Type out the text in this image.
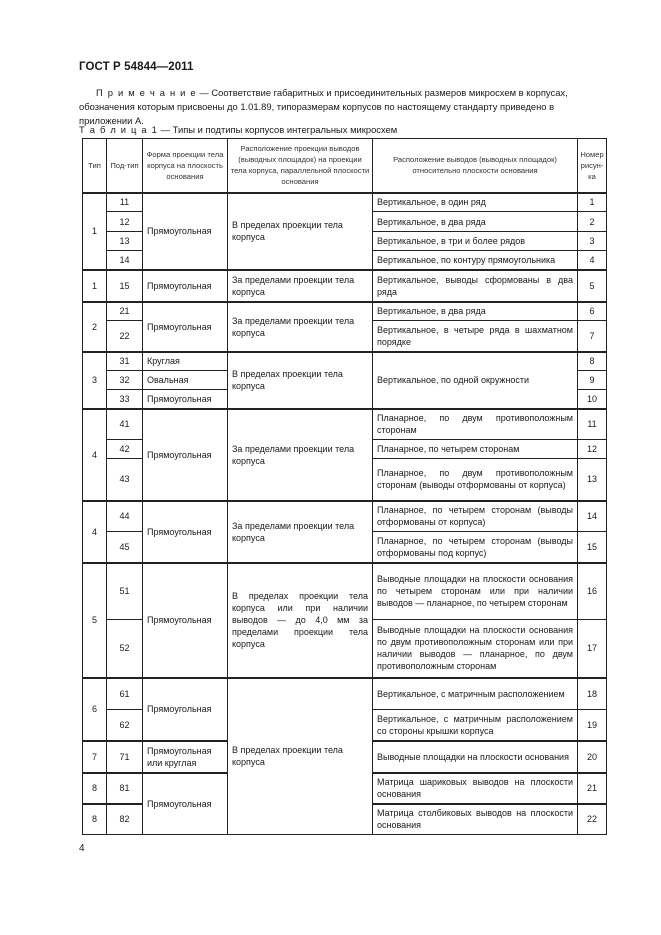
ГОСТ Р 54844—2011
П р и м е ч а н и е — Соответствие габаритных и присоединительных размеров микросхем в корпусах, обозначения которым присвоены до 1.01.89, типоразмерам корпусов по настоящему стандарту приведено в приложении А.
Т а б л и ц а 1 — Типы и подтипы корпусов интегральных микросхем
Тип	Под-тип	Форма проекции тела корпуса на плоскость основания	Расположение проекции выводов (выводных площадок) на проекции тела корпуса, параллельной плоскости основания	Расположение выводов (выводных площадок) относительно плоскости основания	Номер рисун-ка
1	11	Прямоугольная	В пределах проекции тела корпуса	Вертикальное, в один ряд	1
	12			Вертикальное, в два ряда	2
	13			Вертикальное, в три и более рядов	3
	14			Вертикальное, по контуру прямоугольника	4
1	15	Прямоугольная	За пределами проекции тела корпуса	Вертикальное, выводы сформованы в два ряда	5
2	21	Прямоугольная	За пределами проекции тела корпуса	Вертикальное, в два ряда	6
	22			Вертикальное, в четыре ряда в шахматном порядке	7
3	31	Круглая	В пределах проекции тела корпуса	Вертикальное, по одной окружности	8
	32	Овальная			9
	33	Прямоугольная			10
4	41	Прямоугольная	За пределами проекции тела корпуса	Планарное, по двум противоположным сторонам	11
	42			Планарное, по четырем сторонам	12
	43			Планарное, по двум противоположным сторонам (выводы отформованы от корпуса)	13
4	44	Прямоугольная	За пределами проекции тела корпуса	Планарное, по четырем сторонам (выводы отформованы от корпуса)	14
	45			Планарное, по четырем сторонам (выводы отформованы под корпус)	15
5	51	Прямоугольная	В пределах проекции тела корпуса или при наличии выводов — до 4,0 мм за пределами проекции тела корпуса	Выводные площадки на плоскости основания по четырем сторонам или при наличии выводов — планарное, по четырем сторонам	16
	52			Выводные площадки на плоскости основания по двум противоположным сторонам или при наличии выводов — планарное, по двум противоположным сторонам	17
6	61	Прямоугольная	В пределах проекции тела корпуса	Вертикальное, с матричным расположением	18
	62			Вертикальное, с матричным расположением со стороны крышки корпуса	19
7	71	Прямоугольная или круглая		Выводные площадки на плоскости основания	20
8	81	Прямоугольная		Матрица шариковых выводов на плоскости основания	21
8	82			Матрица столбиковых выводов на плоскости основания	22
4
